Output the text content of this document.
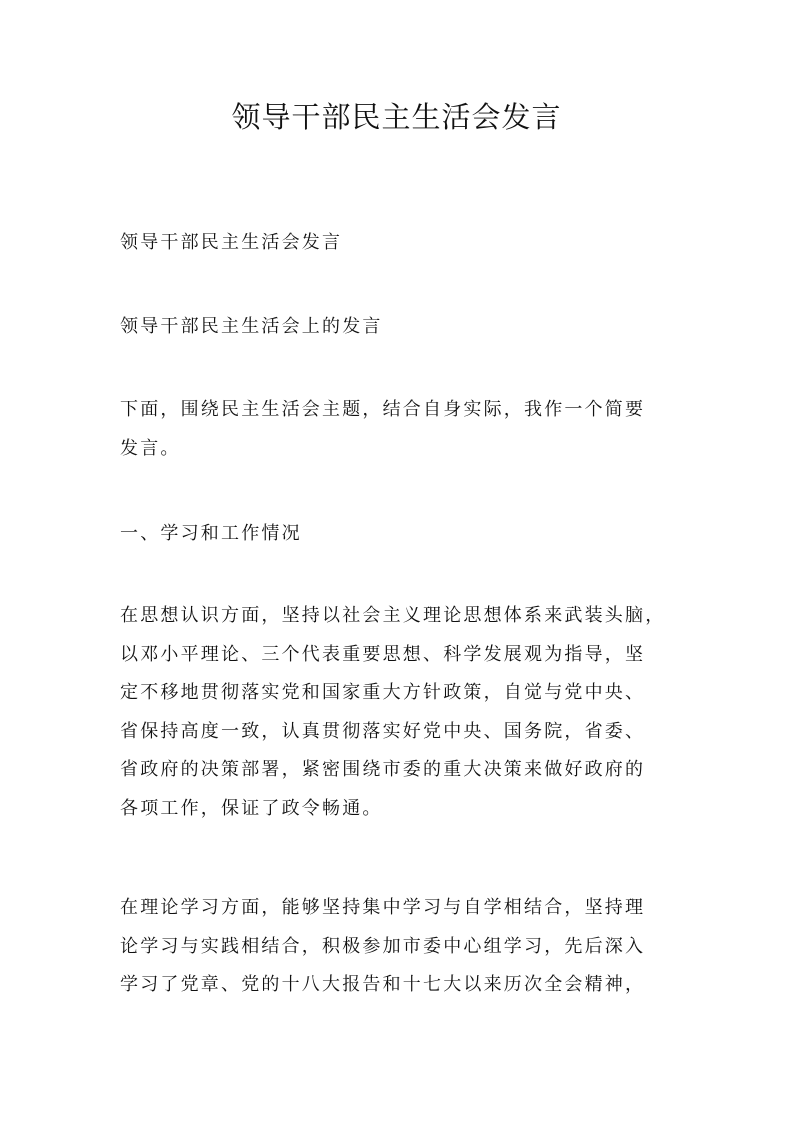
领导干部民主生活会发言

领导干部民主生活会发言

领导干部民主生活会上的发言

下面，围绕民主生活会主题，结合自身实际，我作一个简要
发言。

一、学习和工作情况

在思想认识方面，坚持以社会主义理论思想体系来武装头脑，
以邓小平理论、三个代表重要思想、科学发展观为指导，坚
定不移地贯彻落实党和国家重大方针政策，自觉与党中央、
省保持高度一致，认真贯彻落实好党中央、国务院，省委、
省政府的决策部署，紧密围绕市委的重大决策来做好政府的
各项工作，保证了政令畅通。

在理论学习方面，能够坚持集中学习与自学相结合，坚持理
论学习与实践相结合，积极参加市委中心组学习，先后深入
学习了党章、党的十八大报告和十七大以来历次全会精神，
